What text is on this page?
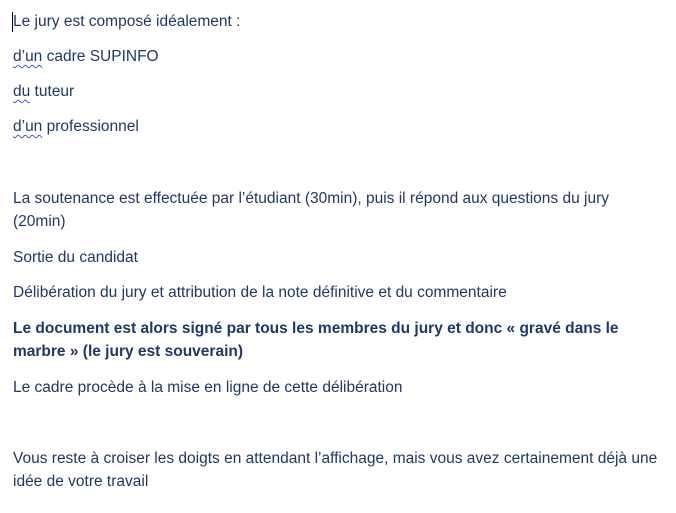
Le jury est composé idéalement :

d’un cadre SUPINFO

du tuteur

d’un professionnel

La soutenance est effectuée par l’étudiant (30min), puis il répond aux questions du jury (20min)

Sortie du candidat

Délibération du jury et attribution de la note définitive et du commentaire

Le document est alors signé par tous les membres du jury et donc « gravé dans le marbre » (le jury est souverain)

Le cadre procède à la mise en ligne de cette délibération

Vous reste à croiser les doigts en attendant l’affichage, mais vous avez certainement déjà une idée de votre travail
